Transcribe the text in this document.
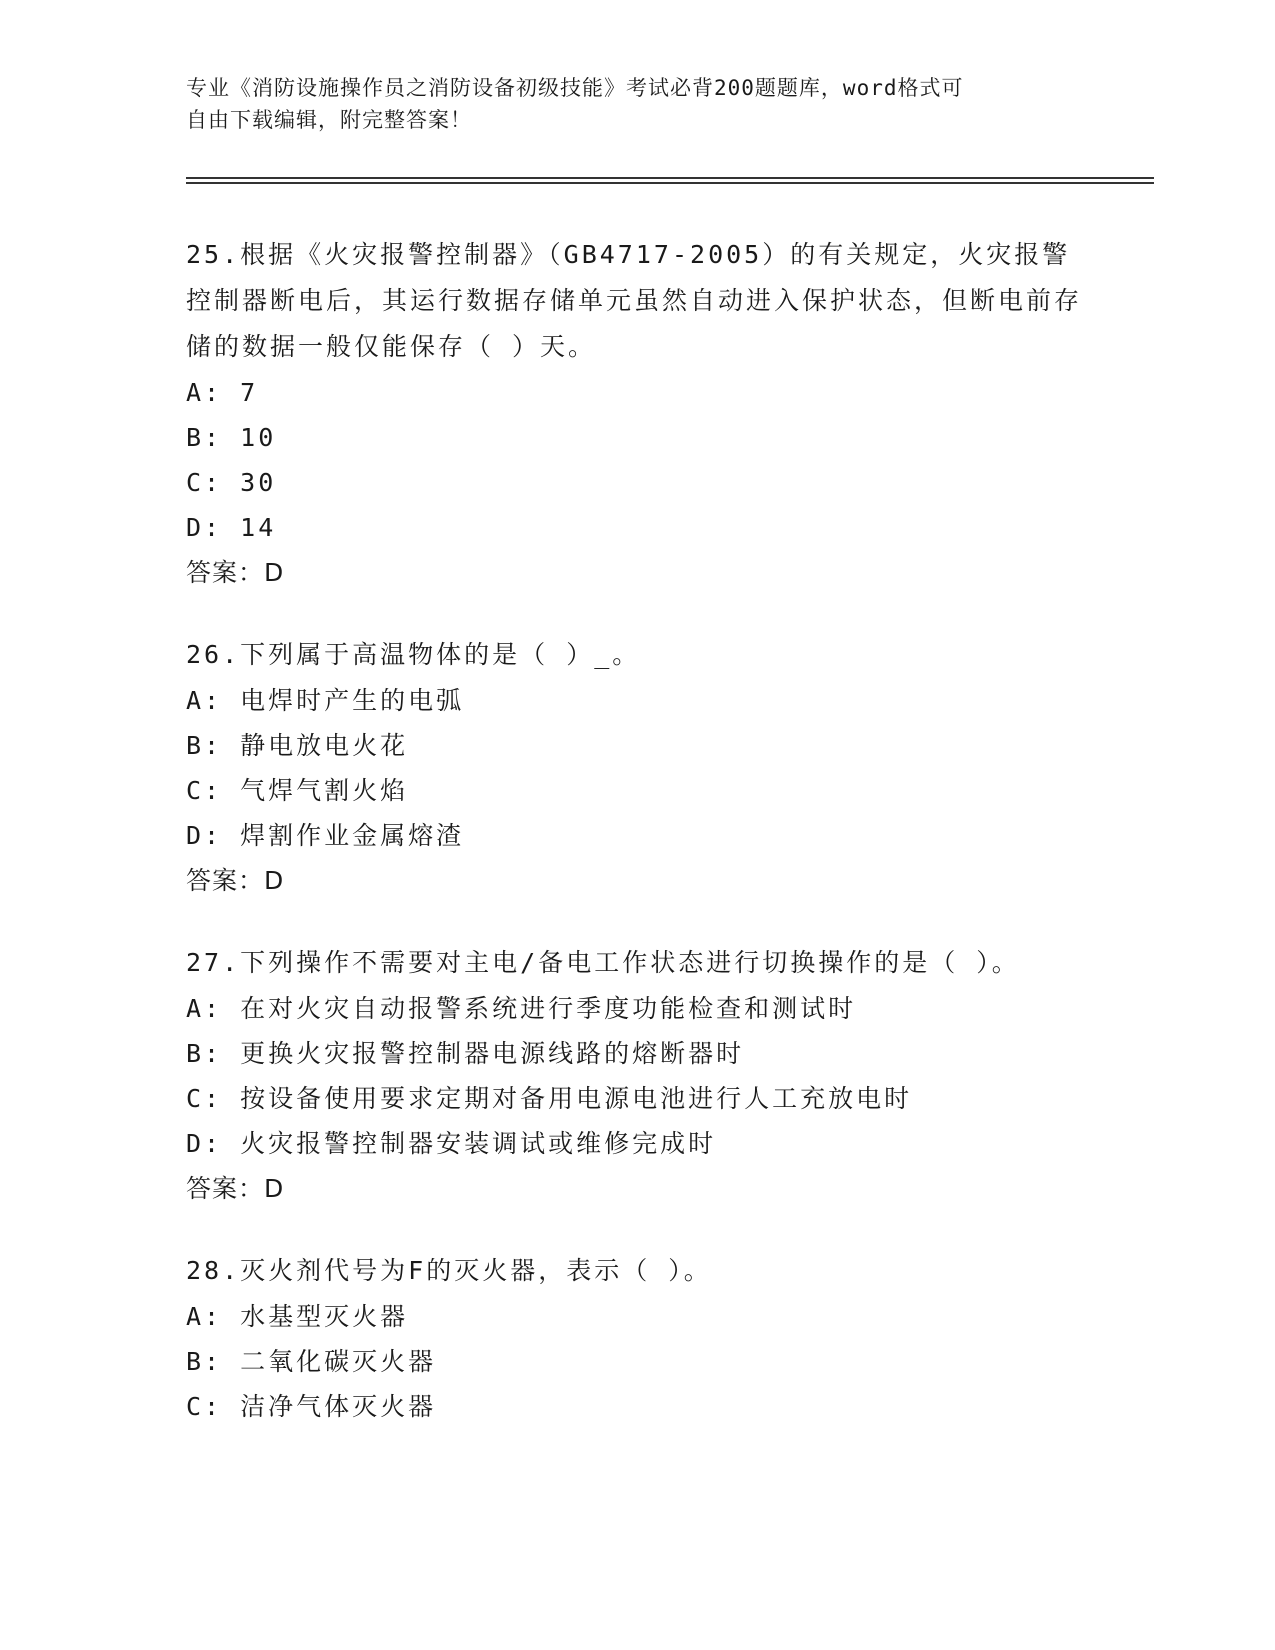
专业《消防设施操作员之消防设备初级技能》考试必背200题题库，word格式可

自由下载编辑，附完整答案！

25.根据《火灾报警控制器》（GB4717-2005）的有关规定，火灾报警控制器断电后，其运行数据存储单元虽然自动进入保护状态，但断电前存储的数据一般仅能保存（ ）天。

A: 7

B: 10

C: 30

D: 14

答案：D

26.下列属于高温物体的是（ ）_。

A: 电焊时产生的电弧

B: 静电放电火花

C: 气焊气割火焰

D: 焊割作业金属熔渣

答案：D

27.下列操作不需要对主电/备电工作状态进行切换操作的是（ ）。

A: 在对火灾自动报警系统进行季度功能检查和测试时

B: 更换火灾报警控制器电源线路的熔断器时

C: 按设备使用要求定期对备用电源电池进行人工充放电时

D: 火灾报警控制器安装调试或维修完成时

答案：D

28.灭火剂代号为F的灭火器，表示（ ）。

A: 水基型灭火器

B: 二氧化碳灭火器

C: 洁净气体灭火器
